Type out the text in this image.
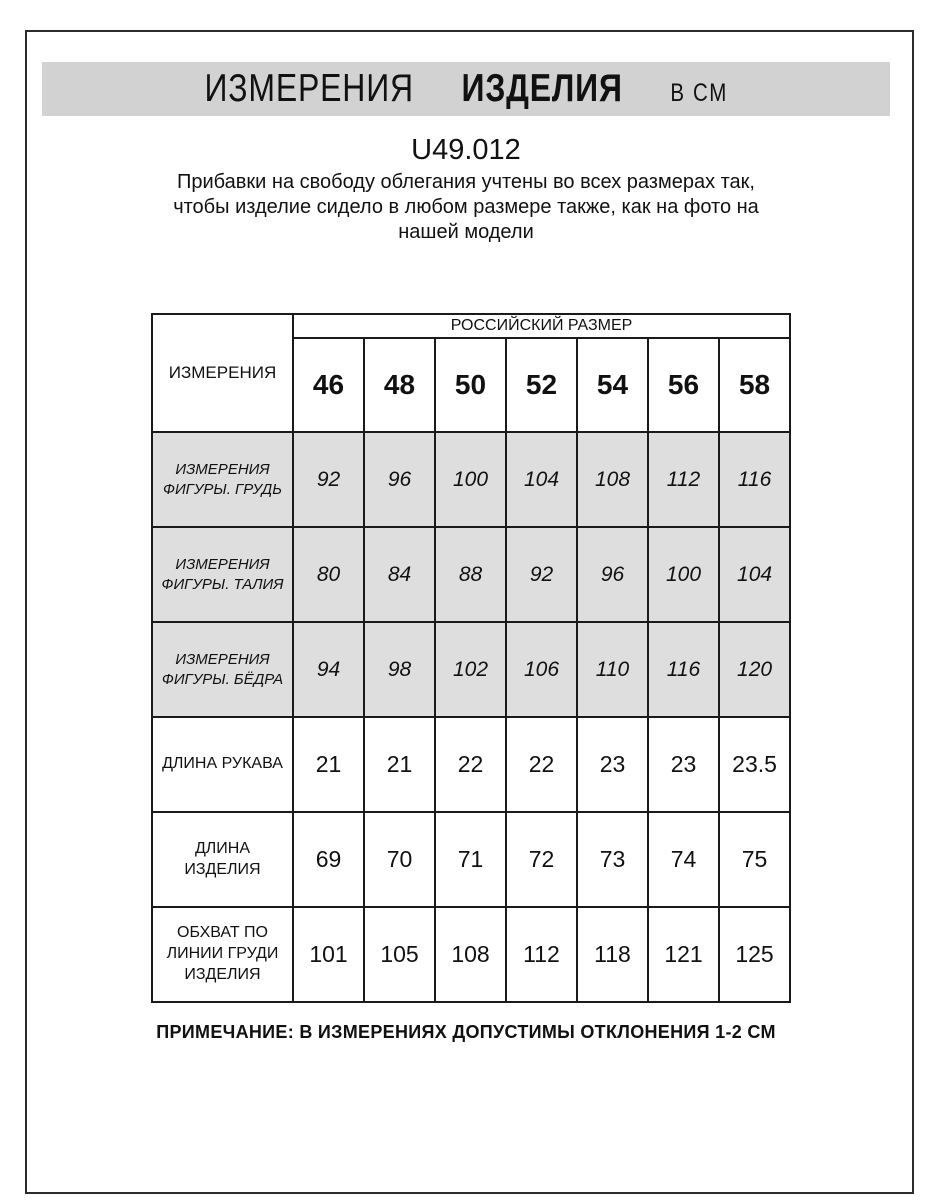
ИЗМЕРЕНИЯ ИЗДЕЛИЯ В СМ
U49.012
Прибавки на свободу облегания учтены во всех размерах так,
чтобы изделие сидело в любом размере также, как на фото на
нашей модели
ИЗМЕРЕНИЯ	РОССИЙСКИЙ РАЗМЕР						
	46	48	50	52	54	56	58
ИЗМЕРЕНИЯ ФИГУРЫ. ГРУДЬ	92	96	100	104	108	112	116
ИЗМЕРЕНИЯ ФИГУРЫ. ТАЛИЯ	80	84	88	92	96	100	104
ИЗМЕРЕНИЯ ФИГУРЫ. БЁДРА	94	98	102	106	110	116	120
ДЛИНА РУКАВА	21	21	22	22	23	23	23.5
ДЛИНА ИЗДЕЛИЯ	69	70	71	72	73	74	75
ОБХВАТ ПО ЛИНИИ ГРУДИ ИЗДЕЛИЯ	101	105	108	112	118	121	125
ПРИМЕЧАНИЕ: В ИЗМЕРЕНИЯХ ДОПУСТИМЫ ОТКЛОНЕНИЯ 1-2 СМ
